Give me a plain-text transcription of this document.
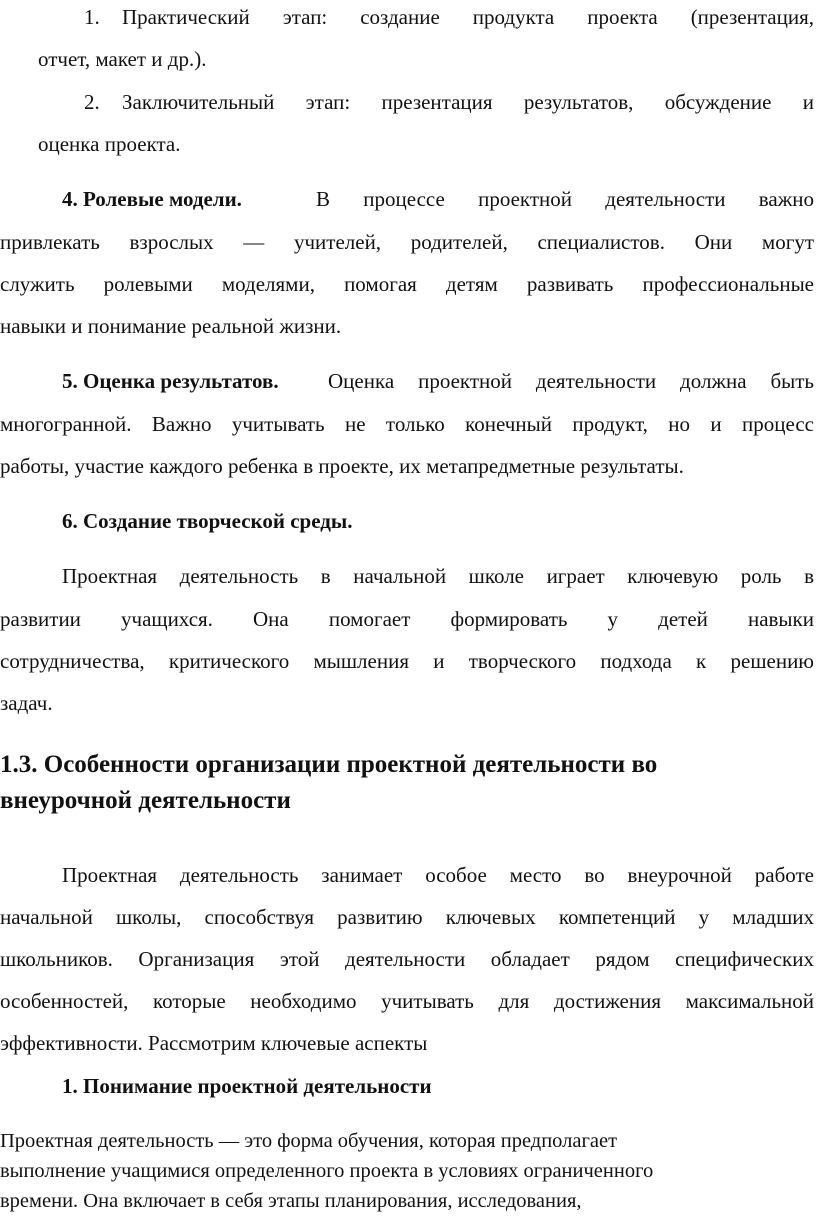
1.	Практический этап: создание продукта проекта (презентация,
отчет, макет и др.).
2.	Заключительный этап: презентация результатов, обсуждение и
оценка проекта.
4. Ролевые модели.	В процессе проектной деятельности важно
привлекать взрослых — учителей, родителей, специалистов. Они могут
служить ролевыми моделями, помогая детям развивать профессиональные
навыки и понимание реальной жизни.
5. Оценка результатов.	Оценка проектной деятельности должна быть
многогранной. Важно учитывать не только конечный продукт, но и процесс
работы, участие каждого ребенка в проекте, их метапредметные результаты.
6. Создание творческой среды.
Проектная деятельность в начальной школе играет ключевую роль в
развитии учащихся. Она помогает формировать у детей навыки
сотрудничества, критического мышления и творческого подхода к решению
задач.
1.3. Особенности организации проектной деятельности во
внеурочной деятельности
Проектная деятельность занимает особое место во внеурочной работе
начальной школы, способствуя развитию ключевых компетенций у младших
школьников. Организация этой деятельности обладает рядом специфических
особенностей, которые необходимо учитывать для достижения максимальной
эффективности. Рассмотрим ключевые аспекты
1. Понимание проектной деятельности
Проектная деятельность — это форма обучения, которая предполагает
выполнение учащимися определенного проекта в условиях ограниченного
времени. Она включает в себя этапы планирования, исследования,
